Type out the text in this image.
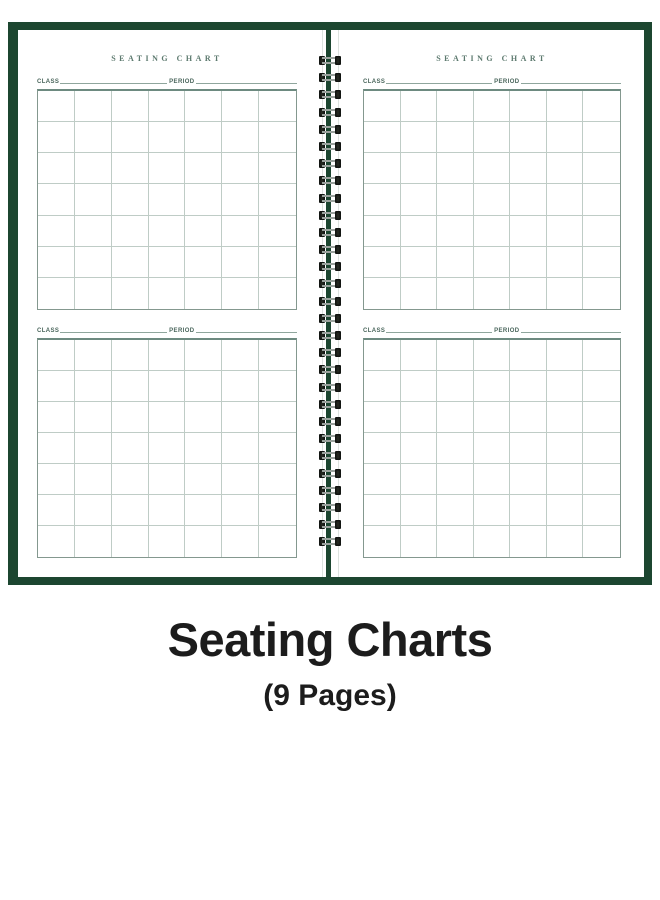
SEATING CHART
CLASS	PERIOD
CLASS	PERIOD
SEATING CHART
CLASS	PERIOD
CLASS	PERIOD
Seating Charts
(9 Pages)
